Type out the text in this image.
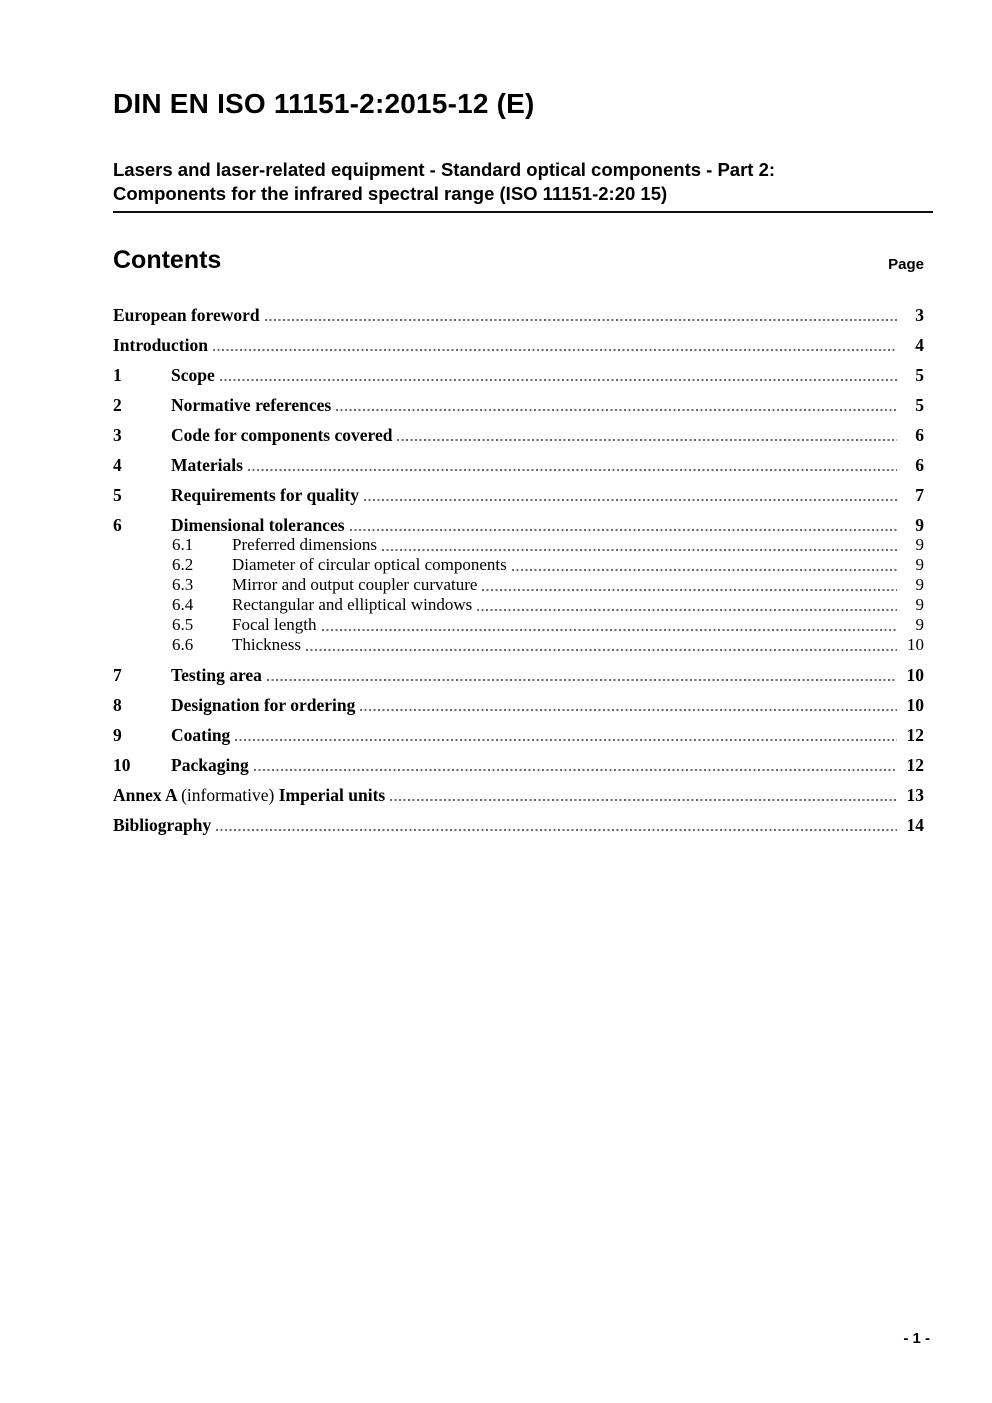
DIN EN ISO 11151-2:2015-12 (E)
Lasers and laser-related equipment - Standard optical components - Part 2:
Components for the infrared spectral range (ISO 11151-2:20 15)
Contents	Page
European foreword	3
Introduction	4
1	Scope	5
2	Normative references	5
3	Code for components covered	6
4	Materials	6
5	Requirements for quality	7
6	Dimensional tolerances	9
6.1	Preferred dimensions	9
6.2	Diameter of circular optical components	9
6.3	Mirror and output coupler curvature	9
6.4	Rectangular and elliptical windows	9
6.5	Focal length	9
6.6	Thickness	10
7	Testing area	10
8	Designation for ordering	10
9	Coating	12
10	Packaging	12
Annex A (informative) Imperial units	13
Bibliography	14
- 1 -
